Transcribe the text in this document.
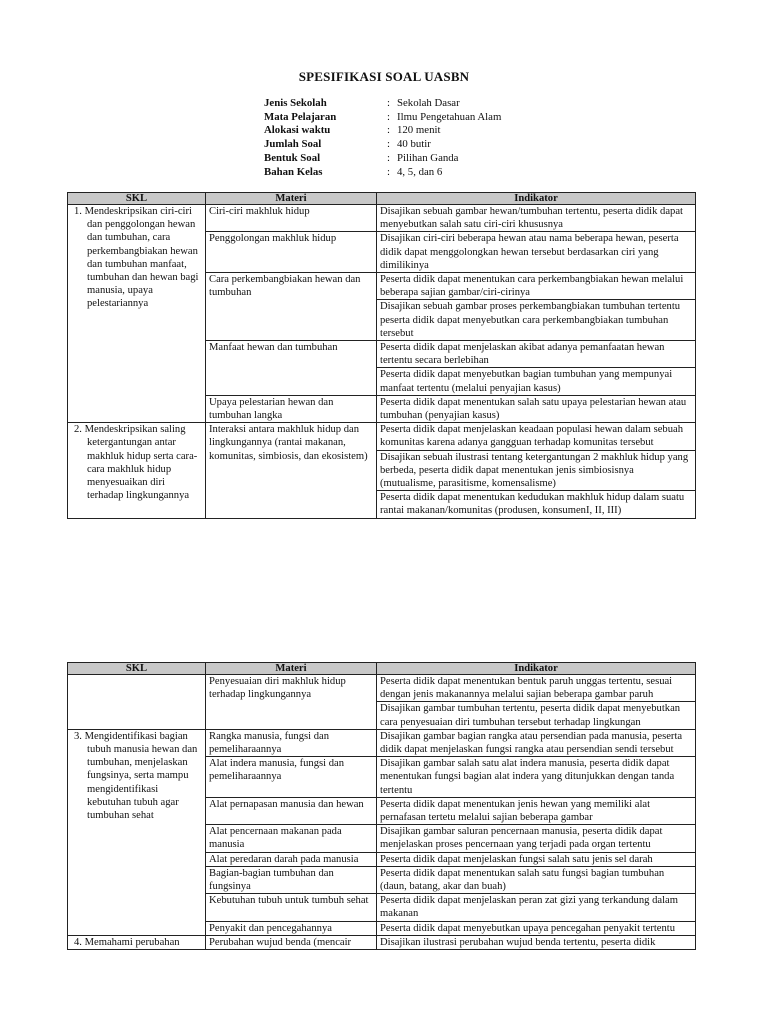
SPESIFIKASI SOAL UASBN
Jenis Sekolah	:	Sekolah Dasar
Mata Pelajaran	:	Ilmu Pengetahuan Alam
Alokasi waktu	:	120 menit
Jumlah Soal	:	40 butir
Bentuk Soal	:	Pilihan Ganda
Bahan Kelas	:	4, 5, dan 6
SKL	Materi	Indikator

1. Mendeskripsikan ciri-ciri dan penggolongan hewan dan tumbuhan, cara perkembangbiakan hewan dan tumbuhan manfaat, tumbuhan dan hewan bagi manusia, upaya pelestariannya	Ciri-ciri makhluk hidup	Disajikan sebuah gambar hewan/tumbuhan tertentu, peserta didik dapat menyebutkan salah satu ciri-ciri khususnya
	Penggolongan makhluk hidup	Disajikan ciri-ciri beberapa hewan atau nama beberapa hewan, peserta didik dapat menggolongkan hewan tersebut berdasarkan ciri yang dimilikinya
	Cara perkembangbiakan hewan dan tumbuhan	Peserta didik dapat menentukan cara perkembangbiakan hewan melalui beberapa sajian gambar/ciri-cirinya
		Disajikan sebuah gambar proses perkembangbiakan tumbuhan tertentu peserta didik dapat menyebutkan cara perkembangbiakan tumbuhan tersebut
	Manfaat hewan dan tumbuhan	Peserta didik dapat menjelaskan akibat adanya pemanfaatan hewan tertentu secara berlebihan
		Peserta didik dapat menyebutkan bagian tumbuhan yang mempunyai manfaat tertentu (melalui penyajian kasus)
	Upaya pelestarian hewan dan tumbuhan langka	Peserta didik dapat menentukan salah satu upaya pelestarian hewan atau tumbuhan (penyajian kasus)

2. Mendeskripsikan saling ketergantungan antar makhluk hidup serta cara-cara makhluk hidup menyesuaikan diri terhadap lingkungannya	Interaksi antara makhluk hidup dan lingkungannya (rantai makanan, komunitas, simbiosis, dan ekosistem)	Peserta didik dapat menjelaskan keadaan populasi hewan dalam sebuah komunitas karena adanya gangguan terhadap komunitas tersebut
		Disajikan sebuah ilustrasi tentang ketergantungan 2 makhluk hidup yang berbeda, peserta didik dapat menentukan jenis simbiosisnya (mutualisme, parasitisme, komensalisme)
		Peserta didik dapat menentukan kedudukan makhluk hidup dalam suatu rantai makanan/komunitas (produsen, konsumenI, II, III)
SKL	Materi	Indikator
	Penyesuaian diri makhluk hidup terhadap lingkungannya	Peserta didik dapat menentukan bentuk paruh unggas tertentu, sesuai dengan jenis makanannya melalui sajian beberapa gambar paruh
		Disajikan gambar tumbuhan tertentu, peserta didik dapat menyebutkan cara penyesuaian diri tumbuhan tersebut terhadap lingkungan

3. Mengidentifikasi bagian tubuh manusia hewan dan tumbuhan, menjelaskan fungsinya, serta mampu mengidentifikasi kebutuhan tubuh agar tumbuhan sehat	Rangka manusia, fungsi dan pemeliharaannya	Disajikan gambar bagian rangka atau persendian pada manusia, peserta didik dapat menjelaskan fungsi rangka atau persendian sendi tersebut
	Alat indera manusia, fungsi dan pemeliharaannya	Disajikan gambar salah satu alat indera manusia, peserta didik dapat menentukan fungsi bagian alat indera yang ditunjukkan dengan tanda tertentu
	Alat pernapasan manusia dan hewan	Peserta didik dapat menentukan jenis hewan yang memiliki alat pernafasan tertetu melalui sajian beberapa gambar
	Alat pencernaan makanan pada manusia	Disajikan gambar saluran pencernaan manusia, peserta didik dapat menjelaskan proses pencernaan yang terjadi pada organ tertentu
	Alat peredaran darah pada manusia	Peserta didik dapat menjelaskan fungsi salah satu jenis sel darah
	Bagian-bagian tumbuhan dan fungsinya	Peserta didik dapat menentukan salah satu fungsi bagian tumbuhan (daun, batang, akar dan buah)
	Kebutuhan tubuh untuk tumbuh sehat	Peserta didik dapat menjelaskan peran zat gizi yang terkandung dalam makanan
	Penyakit dan pencegahannya	Peserta didik dapat menyebutkan upaya pencegahan penyakit tertentu

4. Memahami perubahan	Perubahan wujud benda (mencair	Disajikan ilustrasi perubahan wujud benda tertentu, peserta didik
